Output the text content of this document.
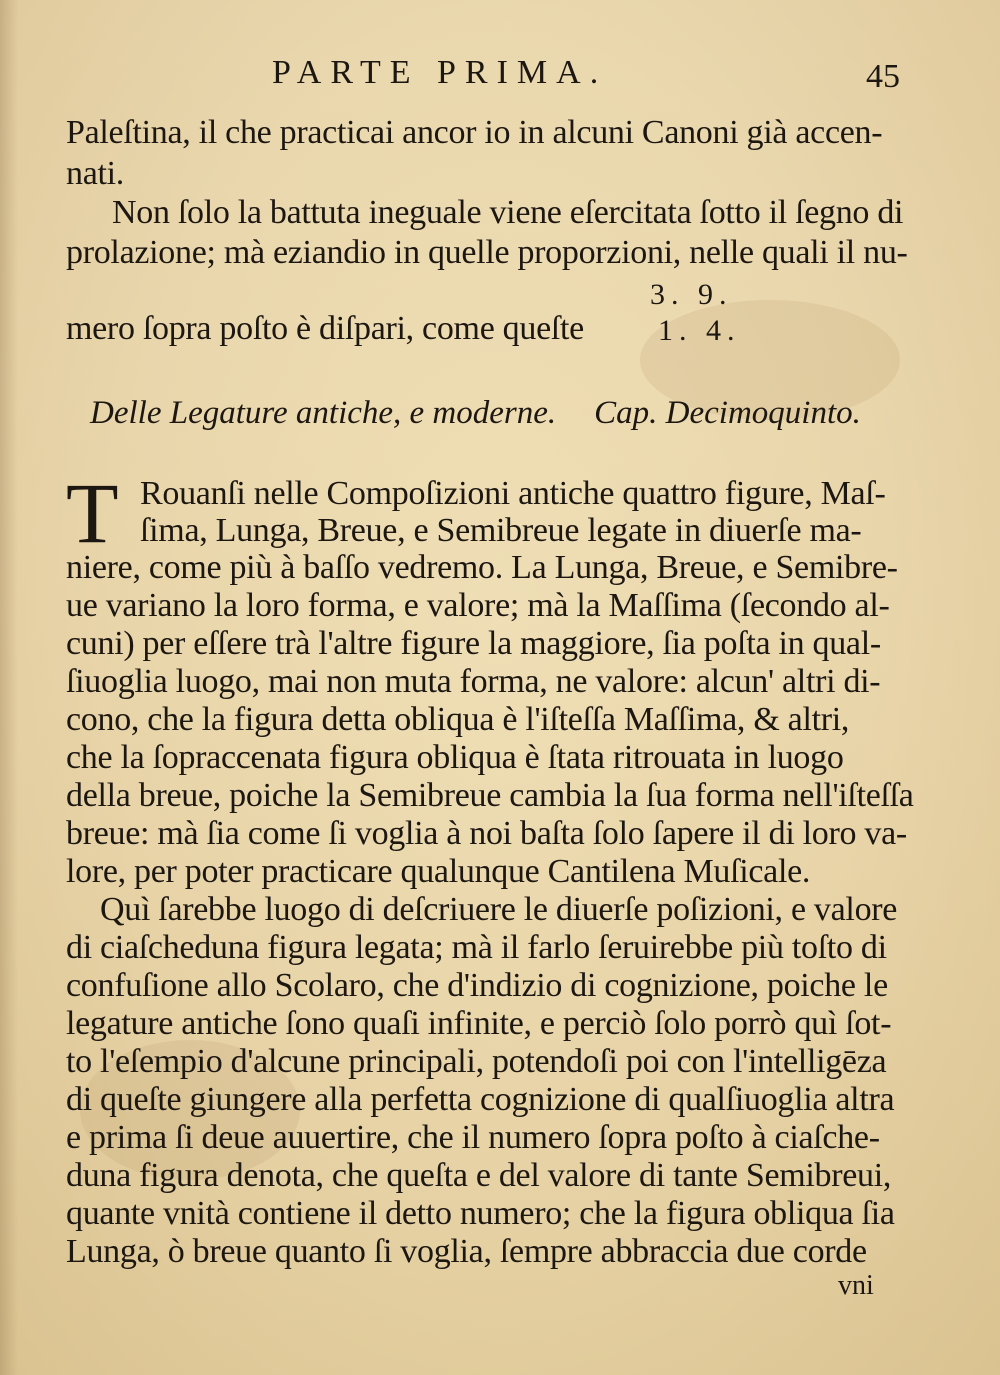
PARTE PRIMA.	45
Paleſtina, il che practicai ancor io in alcuni Canoni già accen-
nati.
Non ſolo la battuta ineguale viene eſercitata ſotto il ſegno di
prolazione; mà eziandio in quelle proporzioni, nelle quali il nu-
3. 9.
mero ſopra poſto è diſpari, come queſte 1. 4.
Delle Legature antiche, e moderne. Cap. Decimoquinto.
T Rouanſi nelle Compoſizioni antiche quattro figure, Maſ-
ſima, Lunga, Breue, e Semibreue legate in diuerſe ma-
niere, come più à baſſo vedremo. La Lunga, Breue, e Semibre-
ue variano la loro forma, e valore; mà la Maſſima (ſecondo al-
cuni) per eſſere trà l'altre figure la maggiore, ſia poſta in qual-
ſiuoglia luogo, mai non muta forma, ne valore: alcun' altri di-
cono, che la figura detta obliqua è l'iſteſſa Maſſima, & altri,
che la ſopraccenata figura obliqua è ſtata ritrouata in luogo
della breue, poiche la Semibreue cambia la ſua forma nell'iſteſſa
breue: mà ſia come ſi voglia à noi baſta ſolo ſapere il di loro va-
lore, per poter practicare qualunque Cantilena Muſicale.
Quì ſarebbe luogo di deſcriuere le diuerſe poſizioni, e valore
di ciaſcheduna figura legata; mà il farlo ſeruirebbe più toſto di
confuſione allo Scolaro, che d'indizio di cognizione, poiche le
legature antiche ſono quaſi infinite, e perciò ſolo porrò quì ſot-
to l'eſempio d'alcune principali, potendoſi poi con l'intelligēza
di queſte giungere alla perfetta cognizione di qualſiuoglia altra
e prima ſi deue auuertire, che il numero ſopra poſto à ciaſche-
duna figura denota, che queſta e del valore di tante Semibreui,
quante vnità contiene il detto numero; che la figura obliqua ſia
Lunga, ò breue quanto ſi voglia, ſempre abbraccia due corde
vni
